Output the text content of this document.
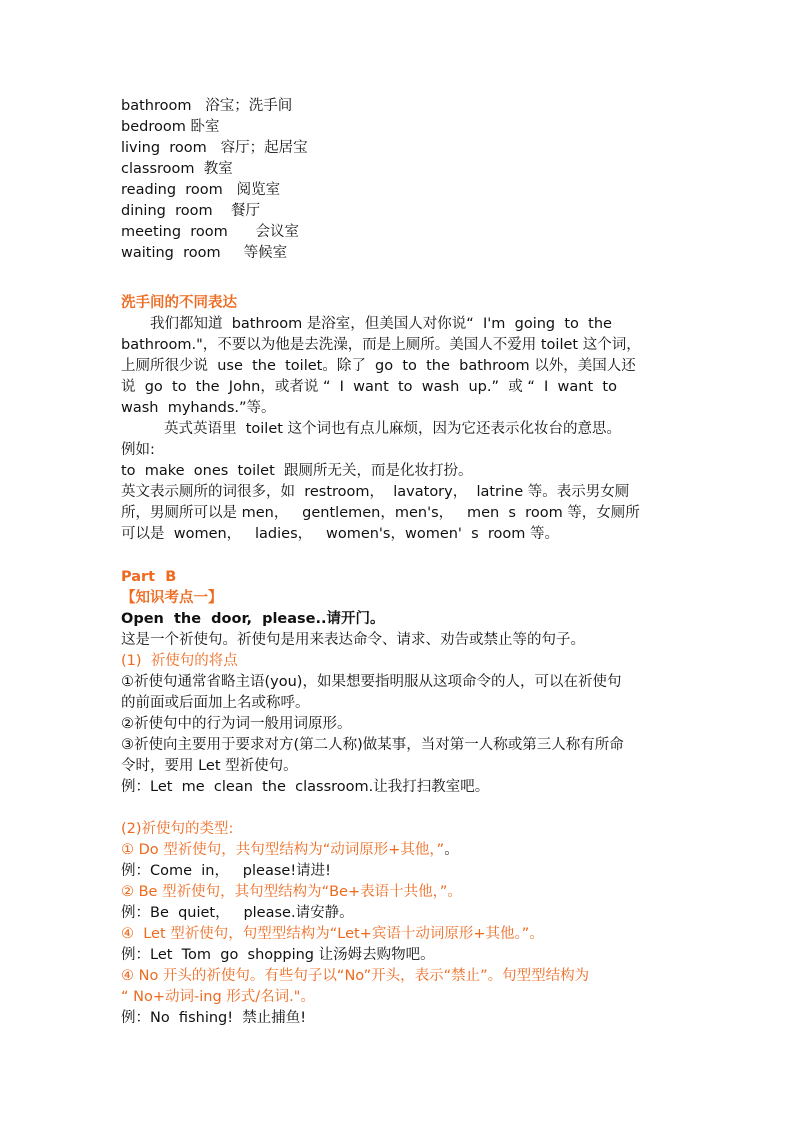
bathroom   浴宝；洗手间

bedroom 卧室

living  room   容厅；起居宝

classroom  教室

reading  room   阅览室

dining  room    餐厅

meeting  room      会议室

waiting  room     等候室

洗手间的不同表达

我们都知道  bathroom 是浴室，但美国人对你说“  I'm  going  to  the

bathroom."，不要以为他是去洗澡，而是上厕所。美国人不爱用 toilet 这个词，

上厕所很少说  use  the  toilet。除了  go  to  the  bathroom 以外，美国人还

说  go  to  the  John，或者说 “  I  want  to  wash  up.”  或 “  I  want  to

wash  myhands.”等。

英式英语里  toilet 这个词也有点儿麻烦，因为它还表示化妆台的意思。

例如:

to  make  ones  toilet  跟厕所无关，而是化妆打扮。

英文表示厕所的词很多，如  restroom，  lavatory，  latrine 等。表示男女厕

所，男厕所可以是 men，   gentlemen，men's，   men  s  room 等，女厕所

可以是  women，   ladies，   women's，women'  s  room 等。

Part  B

【知识考点一】

Open  the  door,  please..请开门。

这是一个祈使句。祈使句是用来表达命令、请求、劝告或禁止等的句子。

(1)  祈使句的将点

①祈使句通常省略主语(you)，如果想要指明服从这项命令的人，可以在祈使句

的前面或后面加上名或称呼。

②祈使句中的行为词一般用词原形。

③祈使向主要用于要求对方(第二人称)做某事，当对第一人称或第三人称有所命

令时，要用 Let 型祈使句。

例：Let  me  clean  the  classroom.让我打扫教室吧。

(2)祈使句的类型:

① Do 型祈使句，共句型结构为“动词原形+其他，”。

例：Come  in，   please!请进!

② Be 型祈使句，其句型结构为“Be+表语十共他，”。

例：Be  quiet，   please.请安静。

④  Let 型祈使句，句型型结构为“Let+宾语十动词原形+其他。”。

例：Let  Tom  go  shopping 让汤姆去购物吧。

④ No 开头的祈使句。有些句子以“No”开头，表示“禁止”。句型型结构为

“ No+动词-ing 形式/名词."。

例：No  fishing!  禁止捕鱼!
